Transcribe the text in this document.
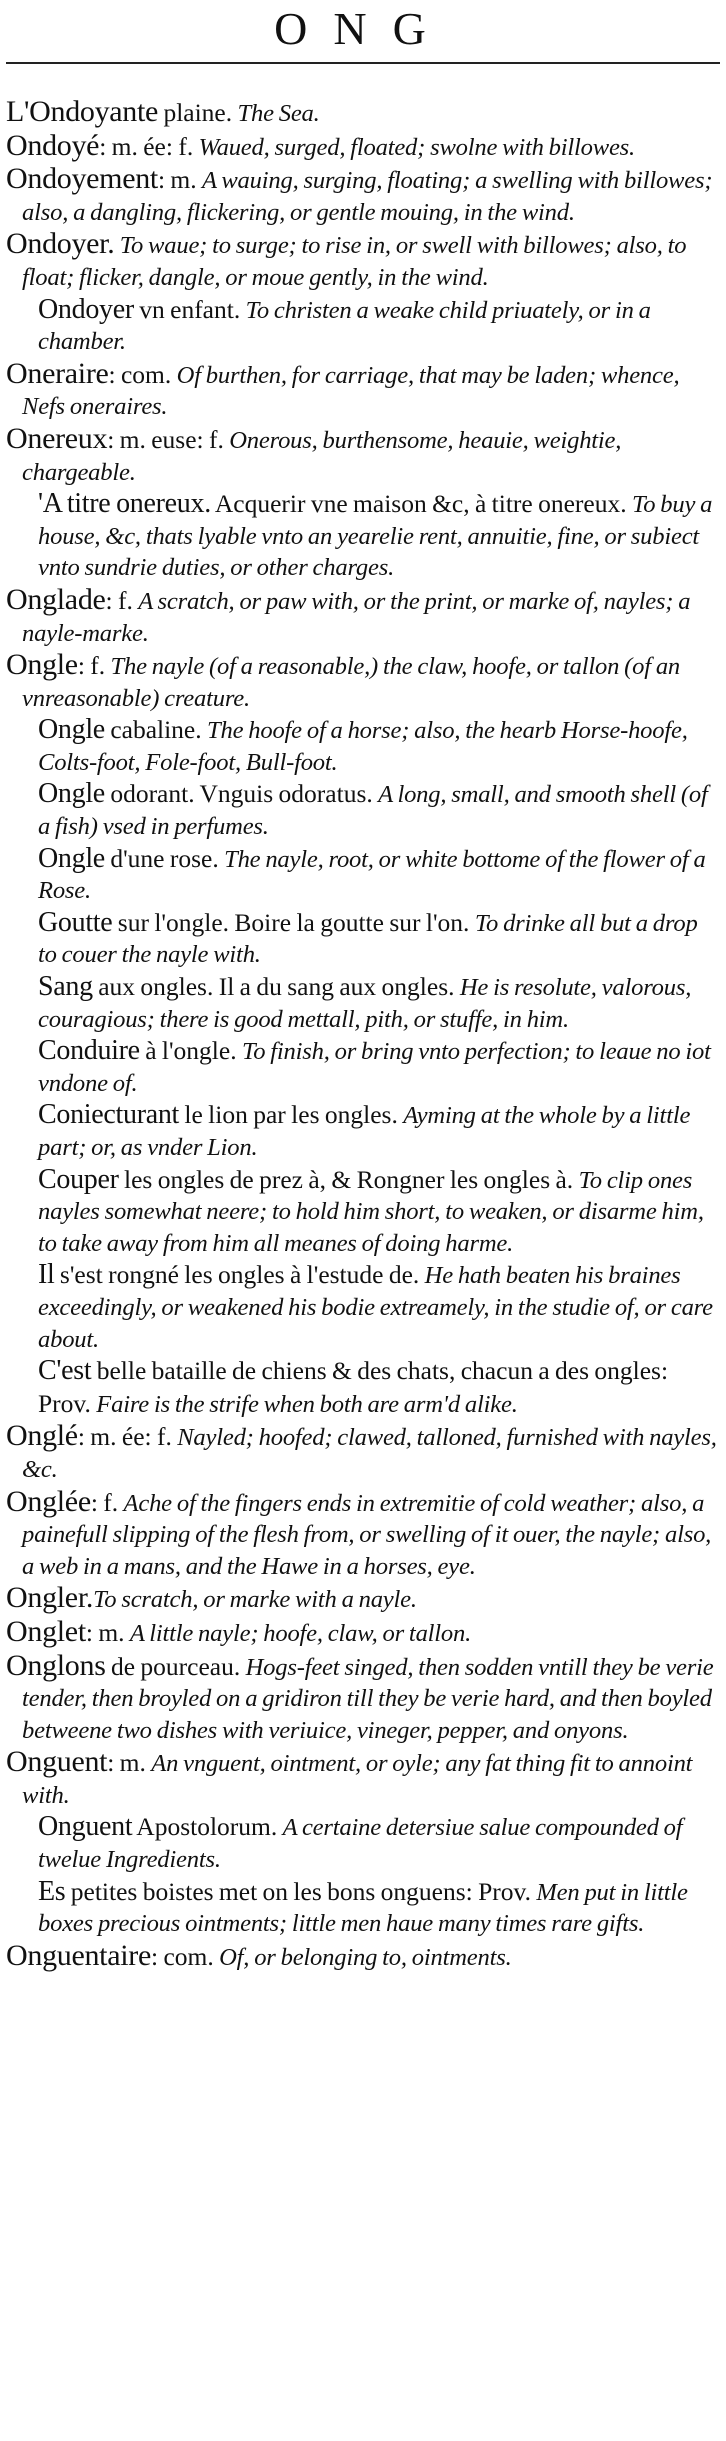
ONG

L'Ondoyante plaine. The Sea.

Ondoyé: m. ée: f. Waued, surged, floated; swolne with billowes.

Ondoyement: m. A wauing, surging, floating; a swelling with billowes; also, a dangling, flickering, or gentle mouing, in the wind.

Ondoyer. To waue; to surge; to rise in, or swell with billowes; also, to float; flicker, dangle, or moue gently, in the wind.

Ondoyer vn enfant. To christen a weake child priuately, or in a chamber.

Oneraire: com. Of burthen, for carriage, that may be laden; whence, Nefs oneraires.

Onereux: m. euse: f. Onerous, burthensome, heauie, weightie, chargeable.

'A titre onereux. Acquerir vne maison &c, à titre onereux. To buy a house, &c, thats lyable vnto an yearelie rent, annuitie, fine, or subiect vnto sundrie duties, or other charges.

Onglade: f. A scratch, or paw with, or the print, or marke of, nayles; a nayle-marke.

Ongle: f. The nayle (of a reasonable,) the claw, hoofe, or tallon (of an vnreasonable) creature.

Ongle cabaline. The hoofe of a horse; also, the hearb Horse-hoofe, Colts-foot, Fole-foot, Bull-foot.

Ongle odorant. Vnguis odoratus. A long, small, and smooth shell (of a fish) vsed in perfumes.

Ongle d'une rose. The nayle, root, or white bottome of the flower of a Rose.

Goutte sur l'ongle. Boire la goutte sur l'on. To drinke all but a drop to couer the nayle with.

Sang aux ongles. Il a du sang aux ongles. He is resolute, valorous, couragious; there is good mettall, pith, or stuffe, in him.

Conduire à l'ongle. To finish, or bring vnto perfection; to leaue no iot vndone of.

Coniecturant le lion par les ongles. Ayming at the whole by a little part; or, as vnder Lion.

Couper les ongles de prez à, & Rongner les ongles à. To clip ones nayles somewhat neere; to hold him short, to weaken, or disarme him, to take away from him all meanes of doing harme.

Il s'est rongné les ongles à l'estude de. He hath beaten his braines exceedingly, or weakened his bodie extreamely, in the studie of, or care about.

C'est belle bataille de chiens & des chats, chacun a des ongles: Prov. Faire is the strife when both are arm'd alike.

Onglé: m. ée: f. Nayled; hoofed; clawed, talloned, furnished with nayles, &c.

Onglée: f. Ache of the fingers ends in extremitie of cold weather; also, a painefull slipping of the flesh from, or swelling of it ouer, the nayle; also, a web in a mans, and the Hawe in a horses, eye.

Ongler.To scratch, or marke with a nayle.

Onglet: m. A little nayle; hoofe, claw, or tallon.

Onglons de pourceau. Hogs-feet singed, then sodden vntill they be verie tender, then broyled on a gridiron till they be verie hard, and then boyled betweene two dishes with veriuice, vineger, pepper, and onyons.

Onguent: m. An vnguent, ointment, or oyle; any fat thing fit to annoint with.

Onguent Apostolorum. A certaine detersiue salue compounded of twelue Ingredients.

Es petites boistes met on les bons onguens: Prov. Men put in little boxes precious ointments; little men haue many times rare gifts.

Onguentaire: com. Of, or belonging to, ointments.
